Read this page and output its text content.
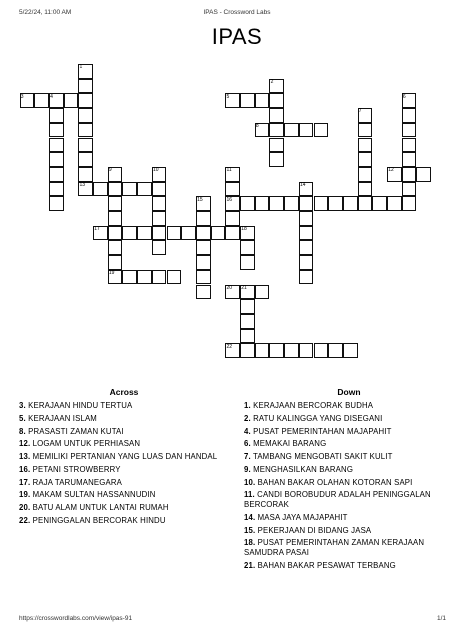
5/22/24, 11:00 AM	IPAS - Crossword Labs
IPAS
1
2
3	4	5	6
7
8
9	10	11	12
13	14
15	16
17	18
19
20 21
22
Across
3. KERAJAAN HINDU TERTUA
5. KERAJAAN ISLAM
8. PRASASTI ZAMAN KUTAI
12. LOGAM UNTUK PERHIASAN
13. MEMILIKI PERTANIAN YANG LUAS DAN HANDAL
16. PETANI STROWBERRY
17. RAJA TARUMANEGARA
19. MAKAM SULTAN HASSANNUDIN
20. BATU ALAM UNTUK LANTAI RUMAH
22. PENINGGALAN BERCORAK HINDU
Down
1. KERAJAAN BERCORAK BUDHA
2. RATU KALINGGA YANG DISEGANI
4. PUSAT PEMERINTAHAN MAJAPAHIT
6. MEMAKAI BARANG
7. TAMBANG MENGOBATI SAKIT KULIT
9. MENGHASILKAN BARANG
10. BAHAN BAKAR OLAHAN KOTORAN SAPI
11. CANDI BOROBUDUR ADALAH PENINGGALAN BERCORAK
14. MASA JAYA MAJAPAHIT
15. PEKERJAAN DI BIDANG JASA
18. PUSAT PEMERINTAHAN ZAMAN KERAJAAN SAMUDRA PASAI
21. BAHAN BAKAR PESAWAT TERBANG
https://crosswordlabs.com/view/ipas-91	1/1
